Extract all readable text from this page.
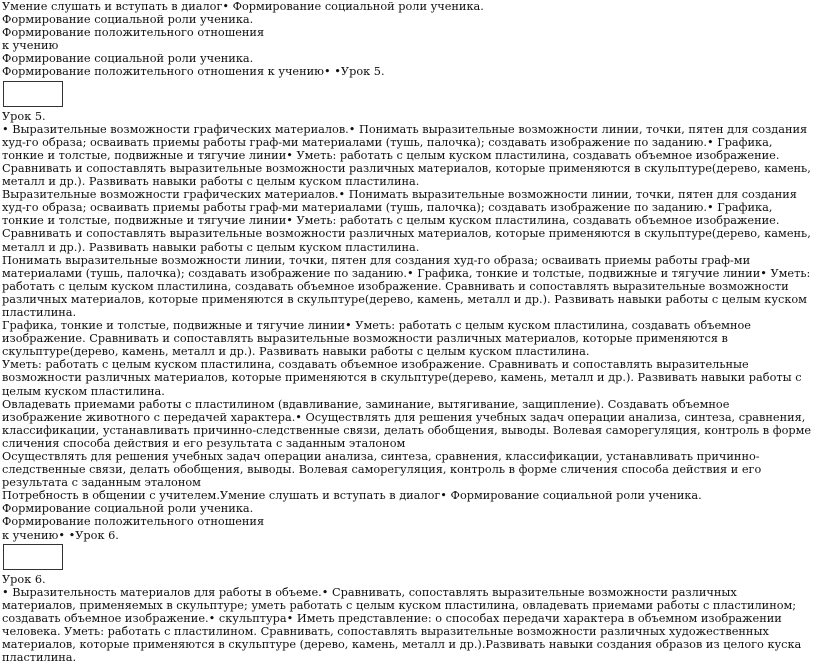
Умение слушать и вступать в диалог• Формирование социальной роли ученика.
Формирование социальной роли ученика.
Формирование положительного отношения
к учению
Формирование социальной роли ученика.
Формирование положительного отношения к учению• •Урок 5.
Урок 5.
• Выразительные возможности графических материалов.• Понимать выразительные возможности линии, точки, пятен для создания худ-го образа; осваивать приемы работы граф-ми материалами (тушь, палочка); создавать изображение по заданию.• Графика, тонкие и толстые, подвижные и тягучие линии• Уметь: работать с целым куском пластилина, создавать объемное изображение. Сравнивать и сопоставлять выразительные возможности различных материалов, которые применяются в скульптуре(дерево, камень, металл и др.). Развивать навыки работы с целым куском пластилина.
Выразительные возможности графических материалов.• Понимать выразительные возможности линии, точки, пятен для создания худ-го образа; осваивать приемы работы граф-ми материалами (тушь, палочка); создавать изображение по заданию.• Графика, тонкие и толстые, подвижные и тягучие линии• Уметь: работать с целым куском пластилина, создавать объемное изображение. Сравнивать и сопоставлять выразительные возможности различных материалов, которые применяются в скульптуре(дерево, камень, металл и др.). Развивать навыки работы с целым куском пластилина.
Понимать выразительные возможности линии, точки, пятен для создания худ-го образа; осваивать приемы работы граф-ми материалами (тушь, палочка); создавать изображение по заданию.• Графика, тонкие и толстые, подвижные и тягучие линии• Уметь: работать с целым куском пластилина, создавать объемное изображение. Сравнивать и сопоставлять выразительные возможности различных материалов, которые применяются в скульптуре(дерево, камень, металл и др.). Развивать навыки работы с целым куском пластилина.
Графика, тонкие и толстые, подвижные и тягучие линии• Уметь: работать с целым куском пластилина, создавать объемное изображение. Сравнивать и сопоставлять выразительные возможности различных материалов, которые применяются в скульптуре(дерево, камень, металл и др.). Развивать навыки работы с целым куском пластилина.
Уметь: работать с целым куском пластилина, создавать объемное изображение. Сравнивать и сопоставлять выразительные возможности различных материалов, которые применяются в скульптуре(дерево, камень, металл и др.). Развивать навыки работы с целым куском пластилина.
Овладевать приемами работы с пластилином (вдавливание, заминание, вытягивание, защипление). Создавать объемное изображение животного с передачей характера.• Осуществлять для решения учебных задач операции анализа, синтеза, сравнения, классификации, устанавливать причинно-следственные связи, делать обобщения, выводы. Волевая саморегуляция, контроль в форме сличения способа действия и его результата с заданным эталоном
Осуществлять для решения учебных задач операции анализа, синтеза, сравнения, классификации, устанавливать причинно-следственные связи, делать обобщения, выводы. Волевая саморегуляция, контроль в форме сличения способа действия и его результата с заданным эталоном
Потребность в общении с учителем.Умение слушать и вступать в диалог• Формирование социальной роли ученика.
Формирование социальной роли ученика.
Формирование положительного отношения
к учению• •Урок 6.
Урок 6.
• Выразительность материалов для работы в объеме.• Сравнивать, сопоставлять выразительные возможности различных материалов, применяемых в скульптуре; уметь работать с целым куском пластилина, овладевать приемами работы с пластилином; создавать объемное изображение.• скульптура• Иметь представление: о способах передачи характера в объемном изображении человека. Уметь: работать с пластилином. Сравнивать, сопоставлять выразительные возможности различных художественных материалов, которые применяются в скульптуре (дерево, камень, металл и др.).Развивать навыки создания образов из целого куска пластилина.
